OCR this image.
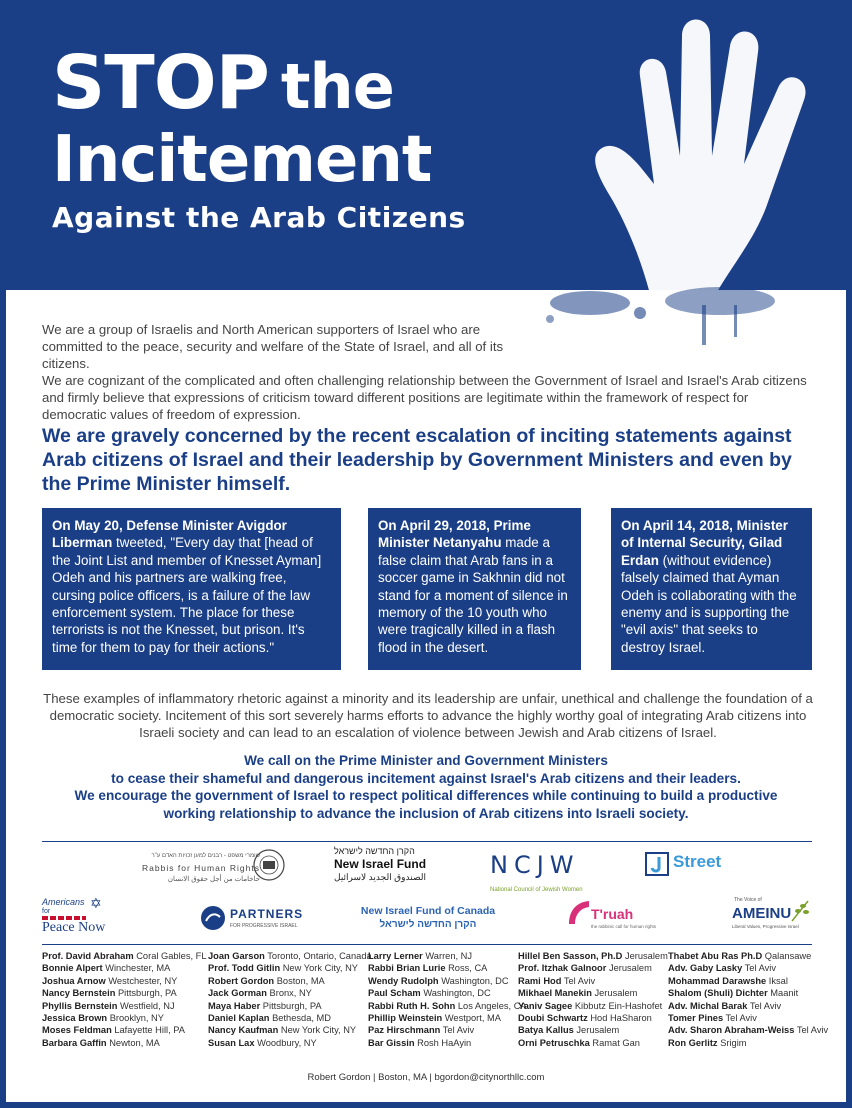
STOP the
Incitement
Against the Arab Citizens

We are a group of Israelis and North American supporters of Israel who are committed to the peace, security and welfare of the State of Israel, and all of its citizens.

We are cognizant of the complicated and often challenging relationship between the Government of Israel and Israel's Arab citizens and firmly believe that expressions of criticism toward different positions are legitimate within the framework of respect for democratic values of freedom of expression.

We are gravely concerned by the recent escalation of inciting statements against Arab citizens of Israel and their leadership by Government Ministers and even by the Prime Minister himself.
On May 20, Defense Minister Avigdor Liberman tweeted, "Every day that [head of the Joint List and member of Knesset Ayman] Odeh and his partners are walking free, cursing police officers, is a failure of the law enforcement system. The place for these terrorists is not the Knesset, but prison. It's time for them to pay for their actions."
On April 29, 2018, Prime Minister Netanyahu made a false claim that Arab fans in a soccer game in Sakhnin did not stand for a moment of silence in memory of the 10 youth who were tragically killed in a flash flood in the desert.
On April 14, 2018, Minister of Internal Security, Gilad Erdan (without evidence) falsely claimed that Ayman Odeh is collaborating with the enemy and is supporting the "evil axis" that seeks to destroy Israel.
These examples of inflammatory rhetoric against a minority and its leadership are unfair, unethical and challenge the foundation of a democratic society. Incitement of this sort severely harms efforts to advance the highly worthy goal of integrating Arab citizens into Israeli society and can lead to an escalation of violence between Jewish and Arab citizens of Israel.
We call on the Prime Minister and Government Ministers
to cease their shameful and dangerous incitement against Israel's Arab citizens and their leaders.
We encourage the government of Israel to respect political differences while continuing to build a productive
working relationship to advance the inclusion of Arab citizens into Israeli society.
שומרי משפט - רבנים למען זכויות האדם ע"ר
Rabbis for Human Rights
حاخامات من أجل حقوق الانسان
הקרן החדשה לישראל
New Israel Fund
الصندوق الجديد لاسرائيل	NCJW
National Council of Jewish Women
Street
Americans
for
Peace Now
✡
PARTNERS
FOR PROGRESSIVE ISRAEL
New Israel Fund of Canada
הקרן החדשה לישראל
T'ruah
the rabbinic call for human rights
The Voice of
AMEINU
Liberal Values, Progressive Israel
Prof. David Abraham Coral Gables, FL
Bonnie Alpert Winchester, MA
Joshua Arnow Westchester, NY
Nancy Bernstein Pittsburgh, PA
Phyllis Bernstein Westfield, NJ
Jessica Brown Brooklyn, NY
Moses Feldman Lafayette Hill, PA
Barbara Gaffin Newton, MA
Joan Garson Toronto, Ontario, Canada
Prof. Todd Gitlin New York City, NY
Robert Gordon Boston, MA
Jack Gorman Bronx, NY
Maya Haber Pittsburgh, PA
Daniel Kaplan Bethesda, MD
Nancy Kaufman New York City, NY
Susan Lax Woodbury, NY
Larry Lerner Warren, NJ
Rabbi Brian Lurie Ross, CA
Wendy Rudolph Washington, DC
Paul Scham Washington, DC
Rabbi Ruth H. Sohn Los Angeles, CA
Phillip Weinstein Westport, MA
Paz Hirschmann Tel Aviv
Bar Gissin Rosh HaAyin
Hillel Ben Sasson, Ph.D Jerusalem
Prof. Itzhak Galnoor Jerusalem
Rami Hod Tel Aviv
Mikhael Manekin Jerusalem
Yaniv Sagee Kibbutz Ein-Hashofet
Doubi Schwartz Hod HaSharon
Batya Kallus Jerusalem
Orni Petruschka Ramat Gan
Thabet Abu Ras Ph.D Qalansawe
Adv. Gaby Lasky Tel Aviv
Mohammad Darawshe Iksal
Shalom (Shuli) Dichter Maanit
Adv. Michal Barak Tel Aviv
Tomer Pines Tel Aviv
Adv. Sharon Abraham-Weiss Tel Aviv
Ron Gerlitz Srigim
Robert Gordon | Boston, MA | bgordon@citynorthllc.com
